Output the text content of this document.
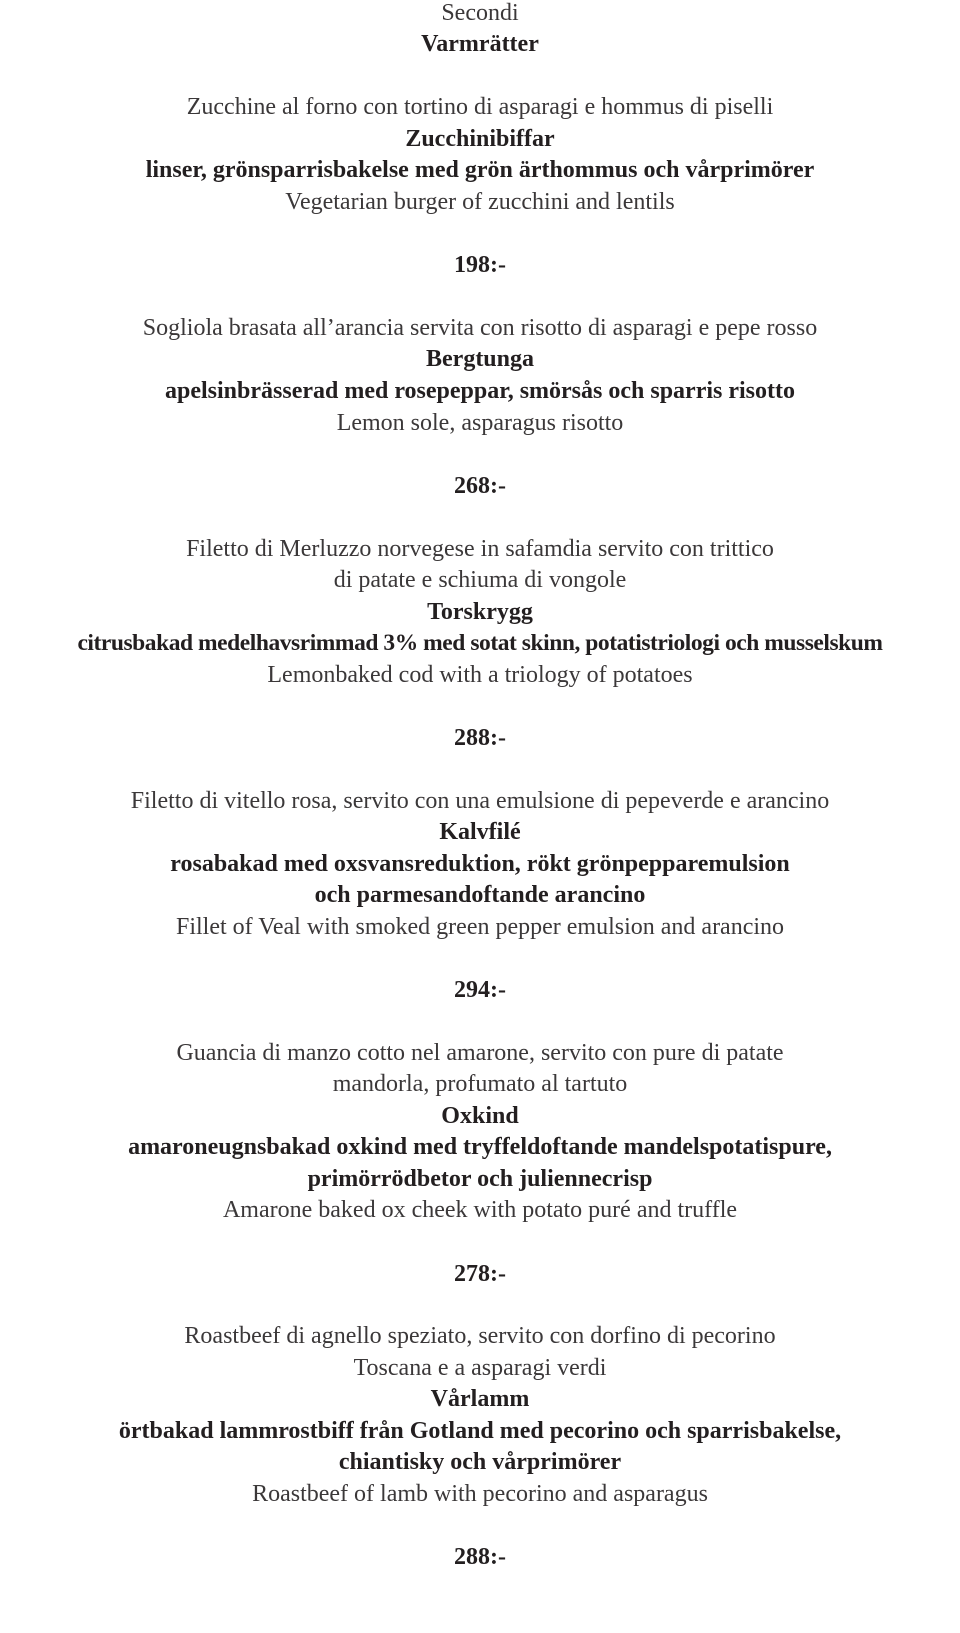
Secondi
Varmrätter
Zucchine al forno con tortino di asparagi e hommus di piselli
Zucchinibiffar
linser, grönsparrisbakelse med grön ärthommus och vårprimörer
Vegetarian burger of zucchini and lentils
198:-
Sogliola brasata all’arancia servita con risotto di asparagi e pepe rosso
Bergtunga
apelsinbrässerad med rosepeppar, smörsås och sparris risotto
Lemon sole, asparagus risotto
268:-
Filetto di Merluzzo norvegese in safamdia servito con trittico
di patate e schiuma di vongole
Torskrygg
citrusbakad medelhavsrimmad 3% med sotat skinn, potatistriologi och musselskum
Lemonbaked cod with a triology of potatoes
288:-
Filetto di vitello rosa, servito con una emulsione di pepeverde e arancino
Kalvfilé
rosabakad med oxsvansreduktion, rökt grönpepparemulsion
och parmesandoftande arancino
Fillet of Veal with smoked green pepper emulsion and arancino
294:-
Guancia di manzo cotto nel amarone, servito con pure di patate
mandorla, profumato al tartuto
Oxkind
amaroneugnsbakad oxkind med tryffeldoftande mandelspotatispure,
primörrödbetor och juliennecrisp
Amarone baked ox cheek with potato puré and truffle
278:-
Roastbeef di agnello speziato, servito con dorfino di pecorino
Toscana e a asparagi verdi
Vårlamm
örtbakad lammrostbiff från Gotland med pecorino och sparrisbakelse,
chiantisky och vårprimörer
Roastbeef of lamb with pecorino and asparagus
288:-
